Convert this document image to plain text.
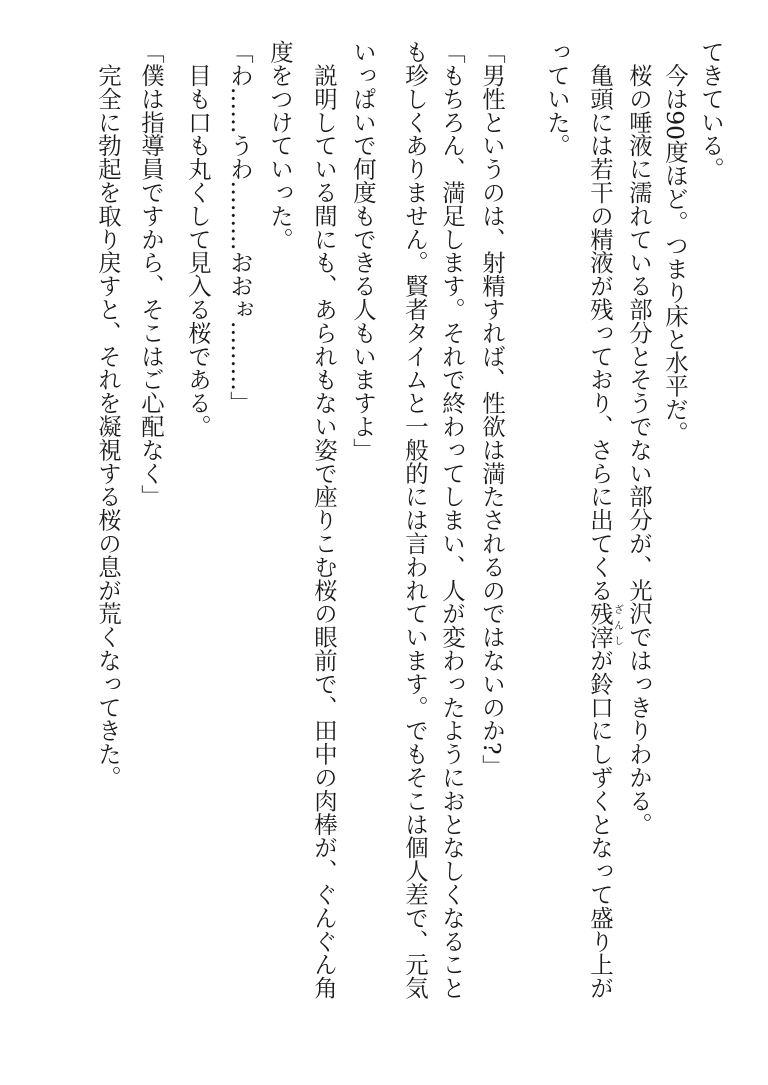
てきている。
　今は90度ほど。つまり床と水平だ。
　桜の唾液に濡れている部分とそうでない部分が、光沢ではっきりわかる。
　亀頭には若干の精液が残っており、さらに出てくる残滓ざんしが鈴口にしずくとなって盛り上が
っていた。
「男性というのは、射精すれば、性欲は満たされるのではないのか?」
「もちろん、満足します。それで終わってしまい、人が変わったようにおとなしくなること
も珍しくありません。賢者タイムと一般的には言われています。でもそこは個人差で、元気
いっぱいで何度もできる人もいますよ」
　説明している間にも、あられもない姿で座りこむ桜の眼前で、田中の肉棒が、ぐんぐん角
度をつけていった。
「わ……うわ………おおぉ………」
　目も口も丸くして見入る桜である。
「僕は指導員ですから、そこはご心配なく」
　完全に勃起を取り戻すと、それを凝視する桜の息が荒くなってきた。
